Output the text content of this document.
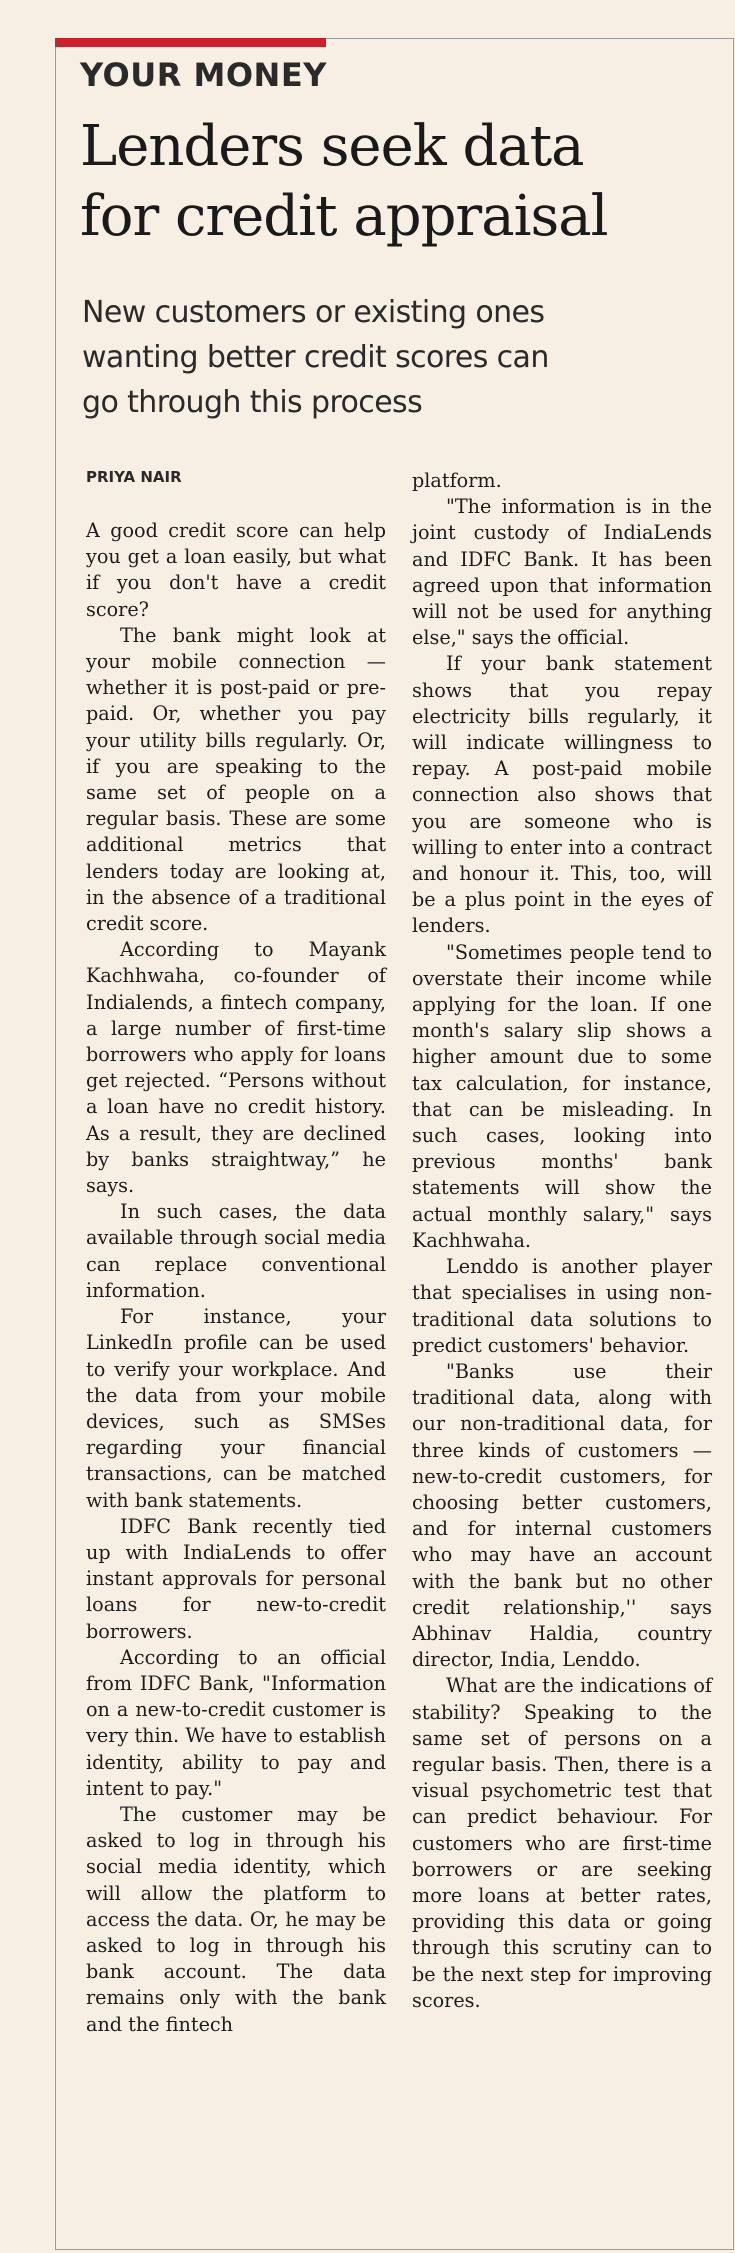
YOUR MONEY
Lenders seek data
for credit appraisal
New customers or existing ones
wanting better credit scores can
go through this process
PRIYA NAIR

A good credit score can help you get a loan easily, but what if you don't have a credit score?

The bank might look at your mobile connection — whether it is post-paid or pre-paid. Or, whether you pay your utility bills regularly. Or, if you are speaking to the same set of people on a regular basis. These are some additional metrics that lenders today are looking at, in the absence of a traditional credit score.

According to Mayank Kachhwaha, co-founder of Indialends, a fintech company, a large number of first-time borrowers who apply for loans get rejected. “Persons without a loan have no credit history. As a result, they are declined by banks straightway,” he says.

In such cases, the data available through social media can replace conventional information.

For instance, your LinkedIn profile can be used to verify your workplace. And the data from your mobile devices, such as SMSes regarding your financial transactions, can be matched with bank statements.

IDFC Bank recently tied up with IndiaLends to offer instant approvals for personal loans for new-to-credit borrowers.

According to an official from IDFC Bank, "Information on a new-to-credit customer is very thin. We have to establish identity, ability to pay and intent to pay."

The customer may be asked to log in through his social media identity, which will allow the platform to access the data. Or, he may be asked to log in through his bank account. The data remains only with the bank and the fintech

platform.

"The information is in the joint custody of IndiaLends and IDFC Bank. It has been agreed upon that information will not be used for anything else," says the official.

If your bank statement shows that you repay electricity bills regularly, it will indicate willingness to repay. A post-paid mobile connection also shows that you are someone who is willing to enter into a contract and honour it. This, too, will be a plus point in the eyes of lenders.

"Sometimes people tend to overstate their income while applying for the loan. If one month's salary slip shows a higher amount due to some tax calculation, for instance, that can be misleading. In such cases, looking into previous months' bank statements will show the actual monthly salary," says Kachhwaha.

Lenddo is another player that specialises in using non-traditional data solutions to predict customers' behavior.

"Banks use their traditional data, along with our non-traditional data, for three kinds of customers — new-to-credit customers, for choosing better customers, and for internal customers who may have an account with the bank but no other credit relationship,'' says Abhinav Haldia, country director, India, Lenddo.

What are the indications of stability? Speaking to the same set of persons on a regular basis. Then, there is a visual psychometric test that can predict behaviour. For customers who are first-time borrowers or are seeking more loans at better rates, providing this data or going through this scrutiny can to be the next step for improving scores.
